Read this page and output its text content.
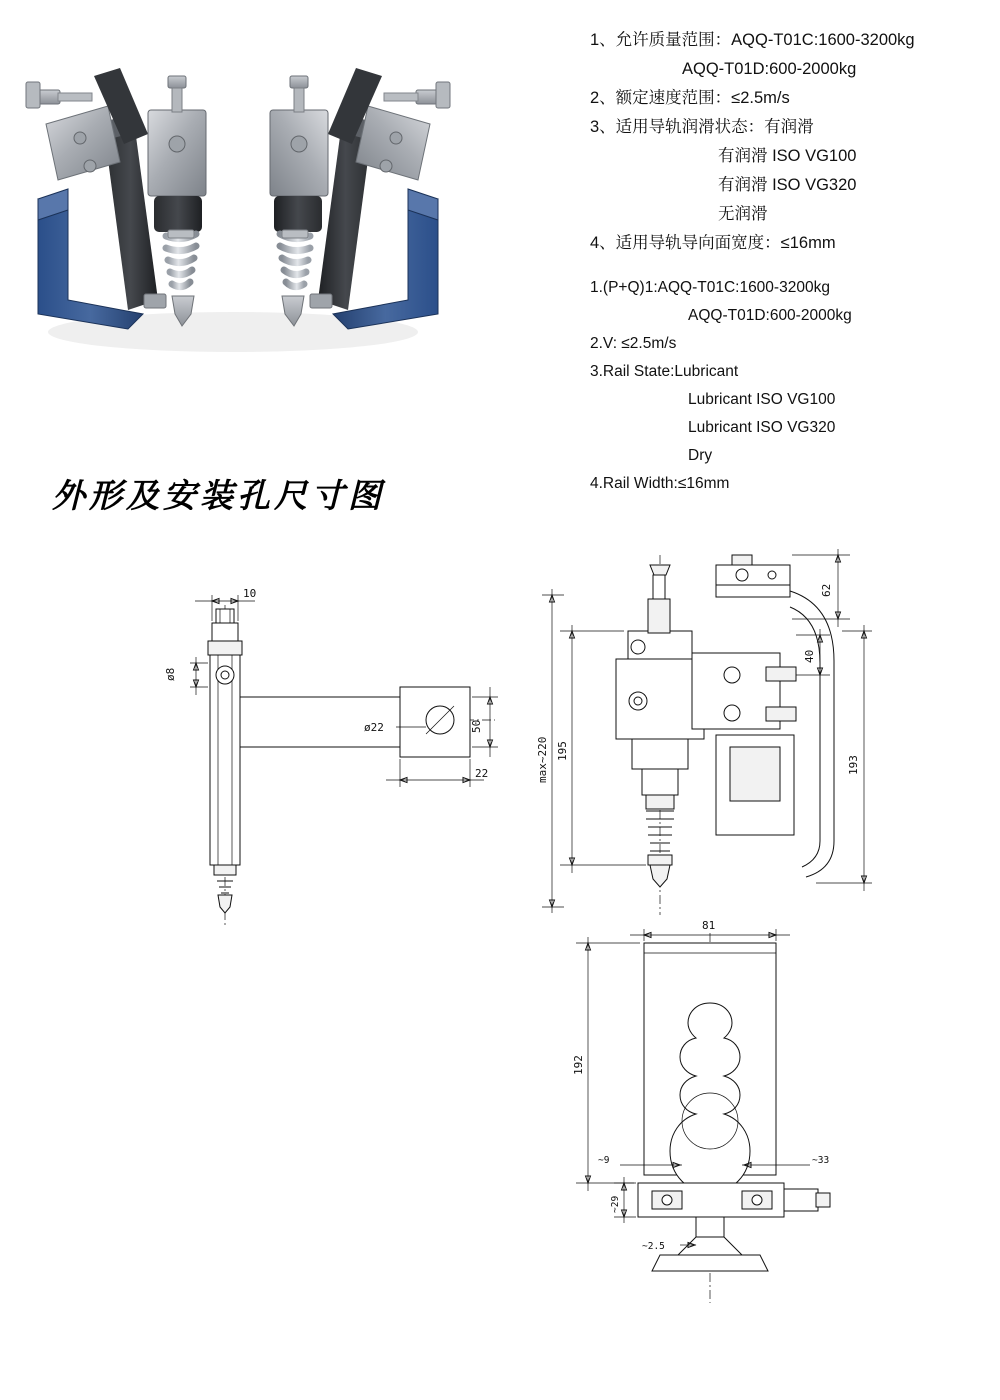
1、允许质量范围：AQQ-T01C:1600-3200kg
AQQ-T01D:600-2000kg
2、额定速度范围：≤2.5m/s
3、适用导轨润滑状态：有润滑
有润滑 ISO VG100
有润滑 ISO VG320
无润滑
4、适用导轨导向面宽度：≤16mm
1.(P+Q)1:AQQ-T01C:1600-3200kg
AQQ-T01D:600-2000kg
2.V: ≤2.5m/s
3.Rail State:Lubricant
Lubricant ISO VG100
Lubricant ISO VG320
Dry
4.Rail Width:≤16mm
外形及安装孔尺寸图
10
ø8
ø22	50
22
62
40
193
195
max~220
81
192
~9	~33
~29
~2.5
